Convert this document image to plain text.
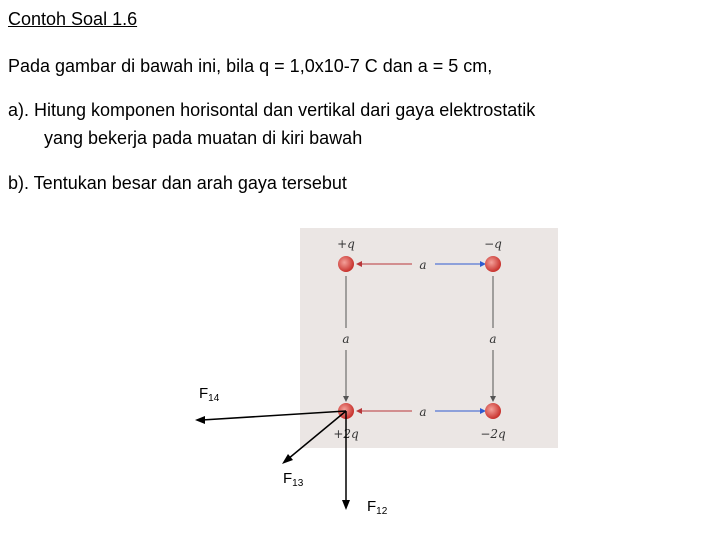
Contoh Soal 1.6
Pada gambar di bawah ini, bila q = 1,0x10-7 C dan a = 5 cm,
a). Hitung komponen horisontal dan vertikal dari gaya elektrostatik
yang bekerja pada muatan di kiri bawah
b). Tentukan besar dan arah gaya tersebut
+q	−q
+2q	−2q
a
a
a	a
$F_{14}$
$F_{13}$
$F_{12}$
